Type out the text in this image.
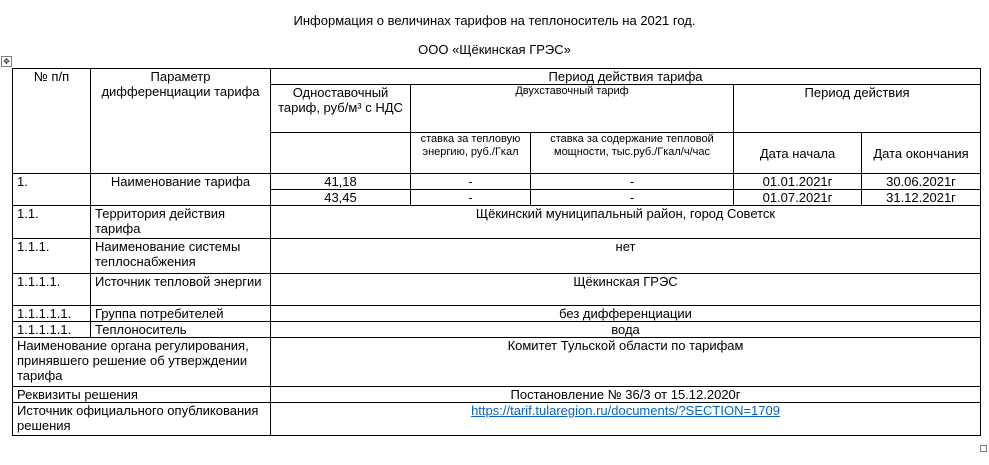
Информация о величинах тарифов на теплоноситель на 2021 год.
ООО «Щёкинская ГРЭС»
✥
№ п/п	Параметр дифференциации тарифа	Период действия тарифа				
		Одноставочный тариф, руб/м³ с НДС	Двухставочный тариф		Период действия	
			ставка за тепловую энергию, руб./Гкал	ставка за содержание тепловой мощности, тыс.руб./Гкал/ч/час	Дата начала	Дата окончания
1.	Наименование тарифа	41,18	-	-	01.01.2021г	30.06.2021г
		43,45	-	-	01.07.2021г	31.12.2021г
1.1.	Территория действия тарифа	Щёкинский муниципальный район, город Советск				
1.1.1.	Наименование системы теплоснабжения	нет				
1.1.1.1.	Источник тепловой энергии	Щёкинская ГРЭС				
1.1.1.1.1.	Группа потребителей	без дифференциации				
1.1.1.1.1.	Теплоноситель	вода				
Наименование органа регулирования, принявшего решение об утверждении тарифа		Комитет Тульской области по тарифам				
Реквизиты решения		Постановление № 36/3 от 15.12.2020г				
Источник официального опубликования решения		https://tarif.tularegion.ru/documents/?SECTION=1709				
